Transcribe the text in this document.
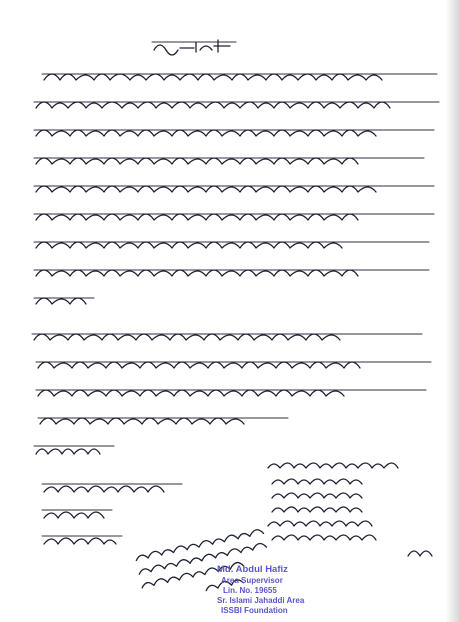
Md. Abdul Hafiz
Area Supervisor
Lin. No. 19655
Sr. Islami Jahaddi Area
ISSBI Foundation
